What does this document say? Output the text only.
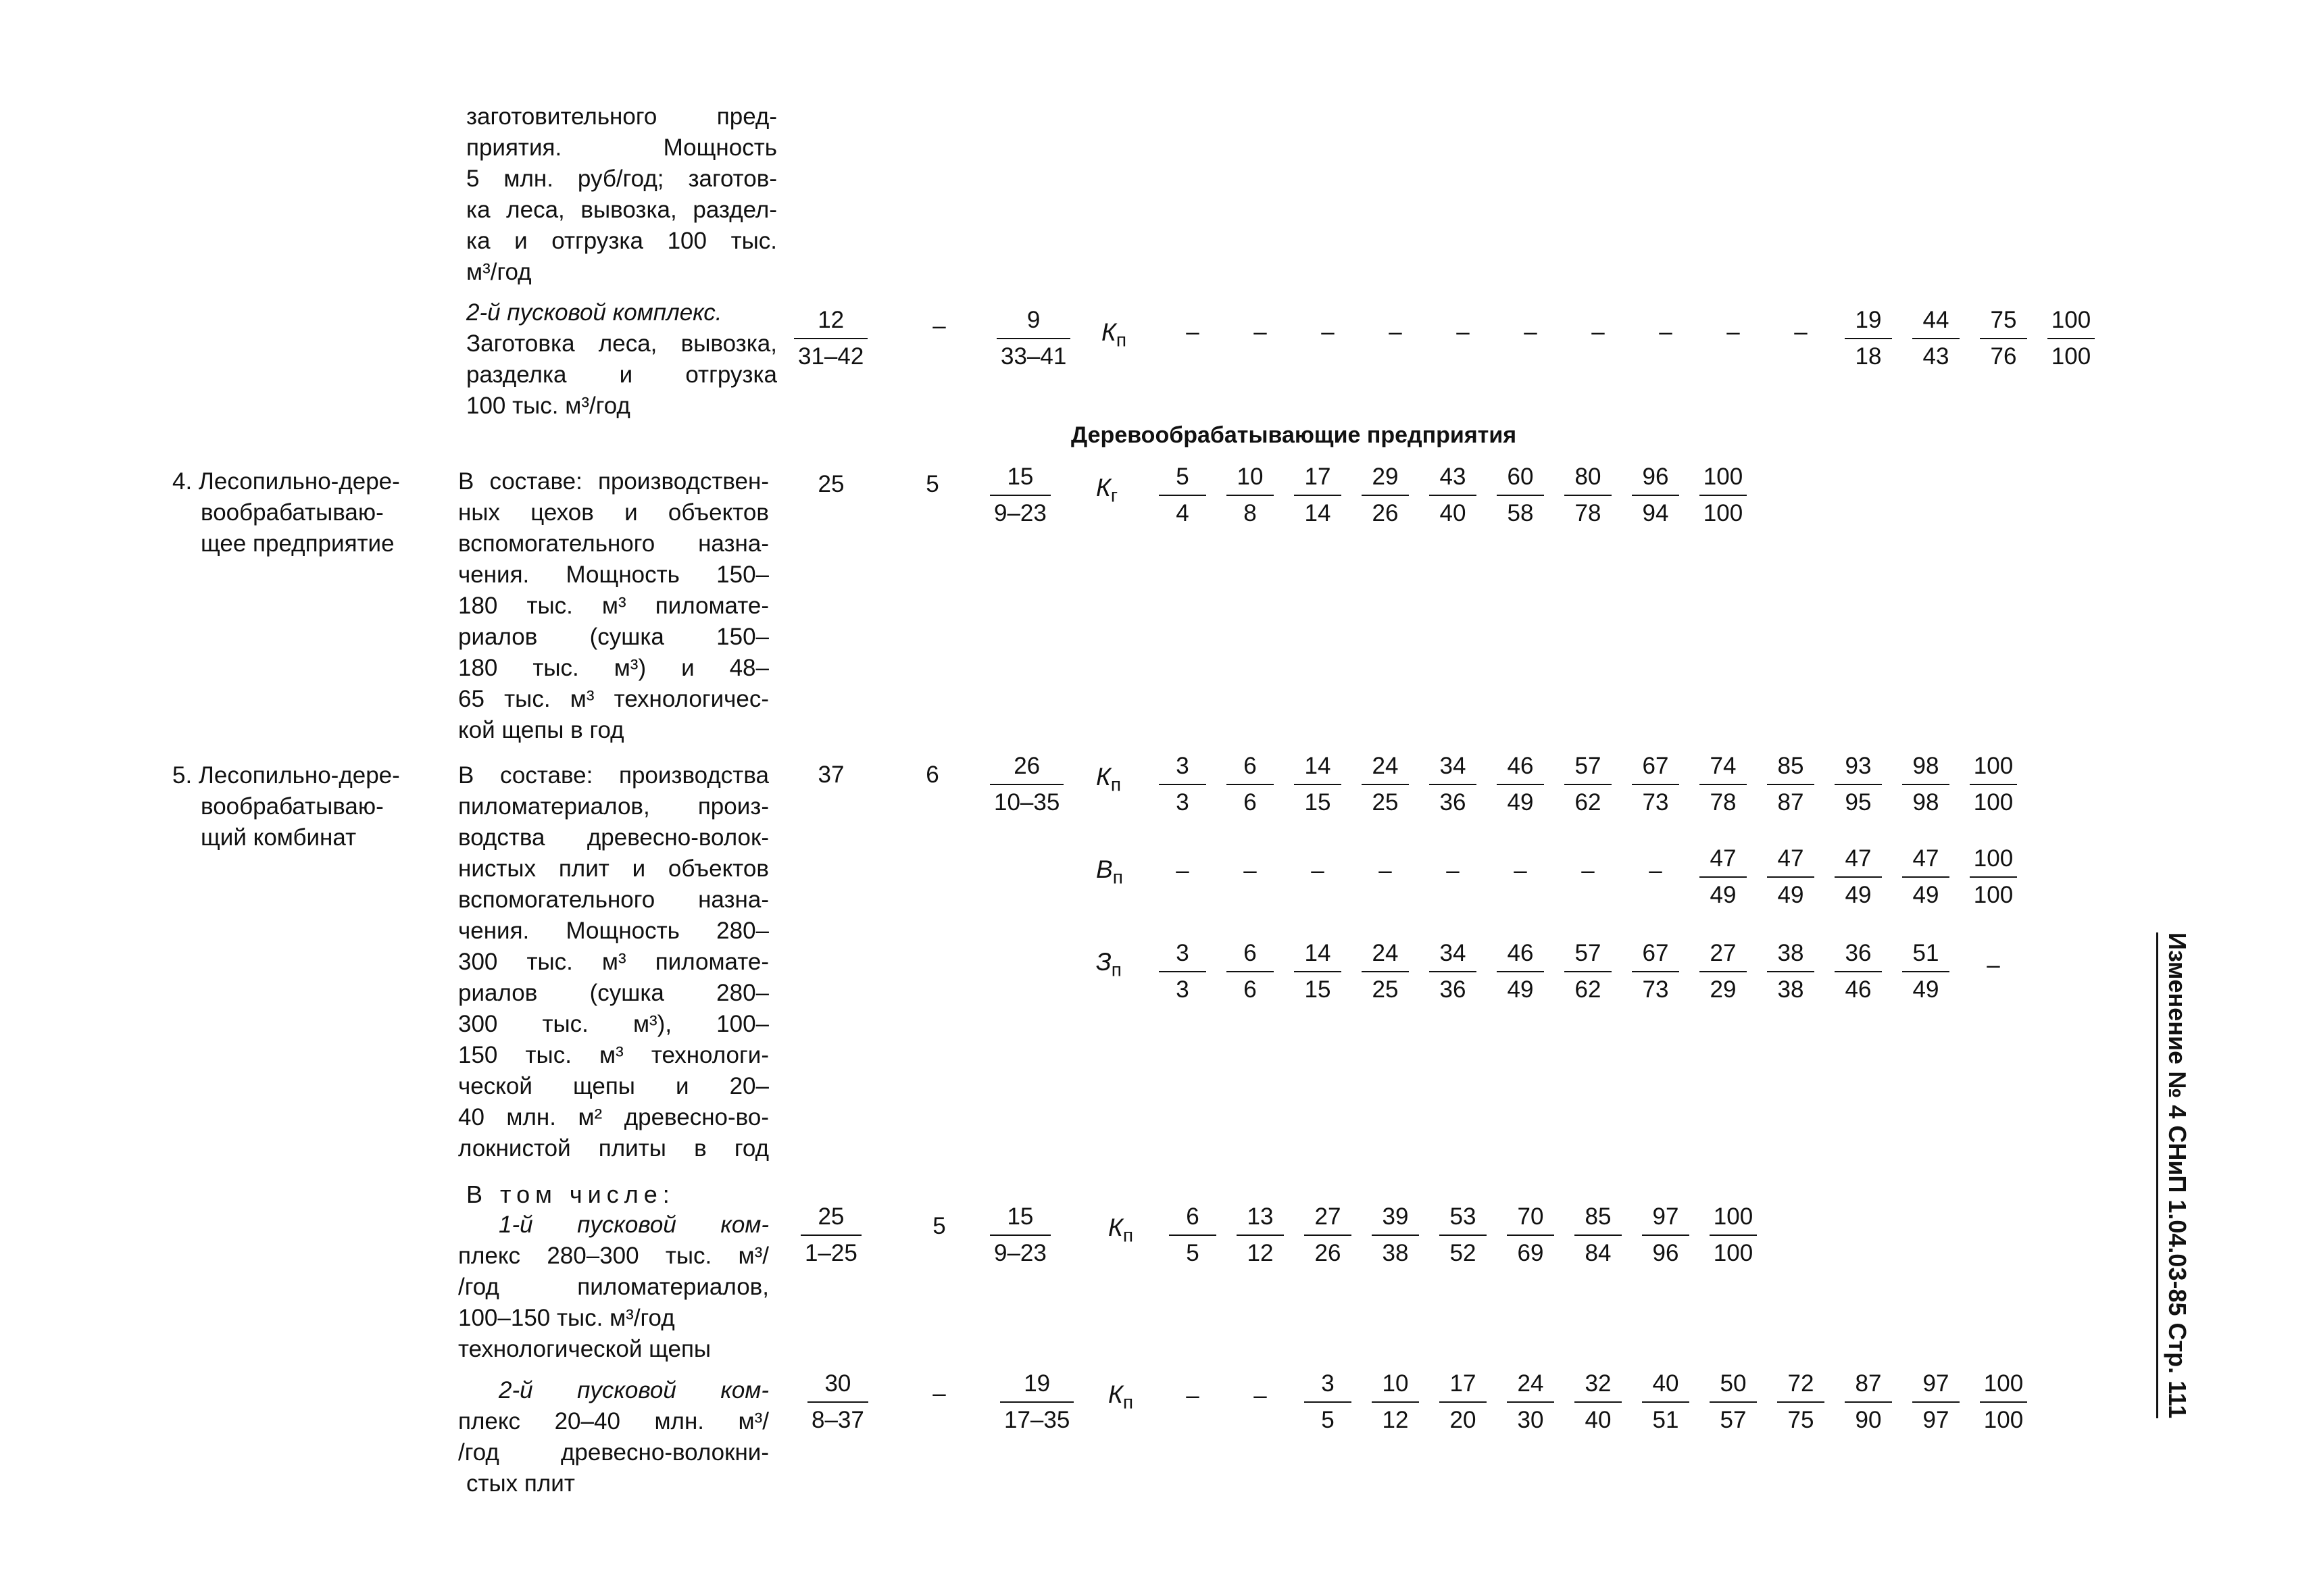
заготовительного пред-
приятия. Мощность
5 млн. руб/год; заготов-
ка леса, вывозка, раздел-
ка и отгрузка 100 тыс.
м³/год
2-й пусковой комплекс.
Заготовка леса, вывозка,
разделка и отгрузка
100 тыс. м³/год
$\frac{12}{31-42}$	–	$\frac{9}{33-41} К_п$	–	–	–	–	–	–	–	–	–	–	$\frac{19}{18} \frac{44}{43} \frac{75}{76} \frac{100}{100}$
Деревообрабатывающие предприятия
4. Лесопильно-дере-
вообрабатываю-
щее предприятие
В составе: производствен-
ных цехов и объектов
вспомогательного назна-
чения. Мощность 150–
180 тыс. м³ пиломате-
риалов (сушка 150–
180 тыс. м³) и 48–
65 тыс. м³ технологичес-
кой щепы в год
25	5	$\frac{15}{9-23} К_г \frac{5}{4} \frac{10}{8} \frac{17}{14} \frac{29}{26} \frac{43}{40} \frac{60}{58} \frac{80}{78} \frac{96}{94} \frac{100}{100}$
5. Лесопильно-дере-
вообрабатываю-
щий комбинат
В составе: производства
пиломатериалов, произ-
водства древесно-волок-
нистых плит и объектов
вспомогательного назна-
чения. Мощность 280–
300 тыс. м³ пиломате-
риалов (сушка 280–
300 тыс. м³), 100–
150 тыс. м³ технологи-
ческой щепы и 20–
40 млн. м² древесно-во-
локнистой плиты в год
37	6	$\frac{26}{10-35} К_п \frac{3}{3} \frac{6}{6} \frac{14}{15} \frac{24}{25} \frac{34}{36} \frac{46}{49} \frac{57}{62} \frac{67}{73} \frac{74}{78} \frac{85}{87} \frac{93}{95} \frac{98}{98} \frac{100}{100}$
$В_п$	–	–	–	–	–	–	–	–	$\frac{47}{49} \frac{47}{49} \frac{47}{49} \frac{47}{49} \frac{100}{100}$
$З_п \frac{3}{3} \frac{6}{6} \frac{14}{15} \frac{24}{25} \frac{34}{36} \frac{46}{49} \frac{57}{62} \frac{67}{73} \frac{27}{29} \frac{38}{38} \frac{36}{46} \frac{51}{49}$	–
В том числе:
1-й пусковой ком-
плекс 280–300 тыс. м³/
/год пиломатериалов,
100–150 тыс. м³/год
технологической щепы
$\frac{25}{1-25}$	5	$\frac{15}{9-23} К_п \frac{6}{5} \frac{13}{12} \frac{27}{26} \frac{39}{38} \frac{53}{52} \frac{70}{69} \frac{85}{84} \frac{97}{96} \frac{100}{100}$
2-й пусковой ком-
плекс 20–40 млн. м³/
/год древесно-волокни-
стых плит
$\frac{30}{8-37}$	–	$\frac{19}{17-35} К_п$	–	–	$\frac{3}{5} \frac{10}{12} \frac{17}{20} \frac{24}{30} \frac{32}{40} \frac{40}{51} \frac{50}{57} \frac{72}{75} \frac{87}{90} \frac{97}{97} \frac{100}{100}$	Изменение № 4 СНиП 1.04.03-85 Стр. 111
